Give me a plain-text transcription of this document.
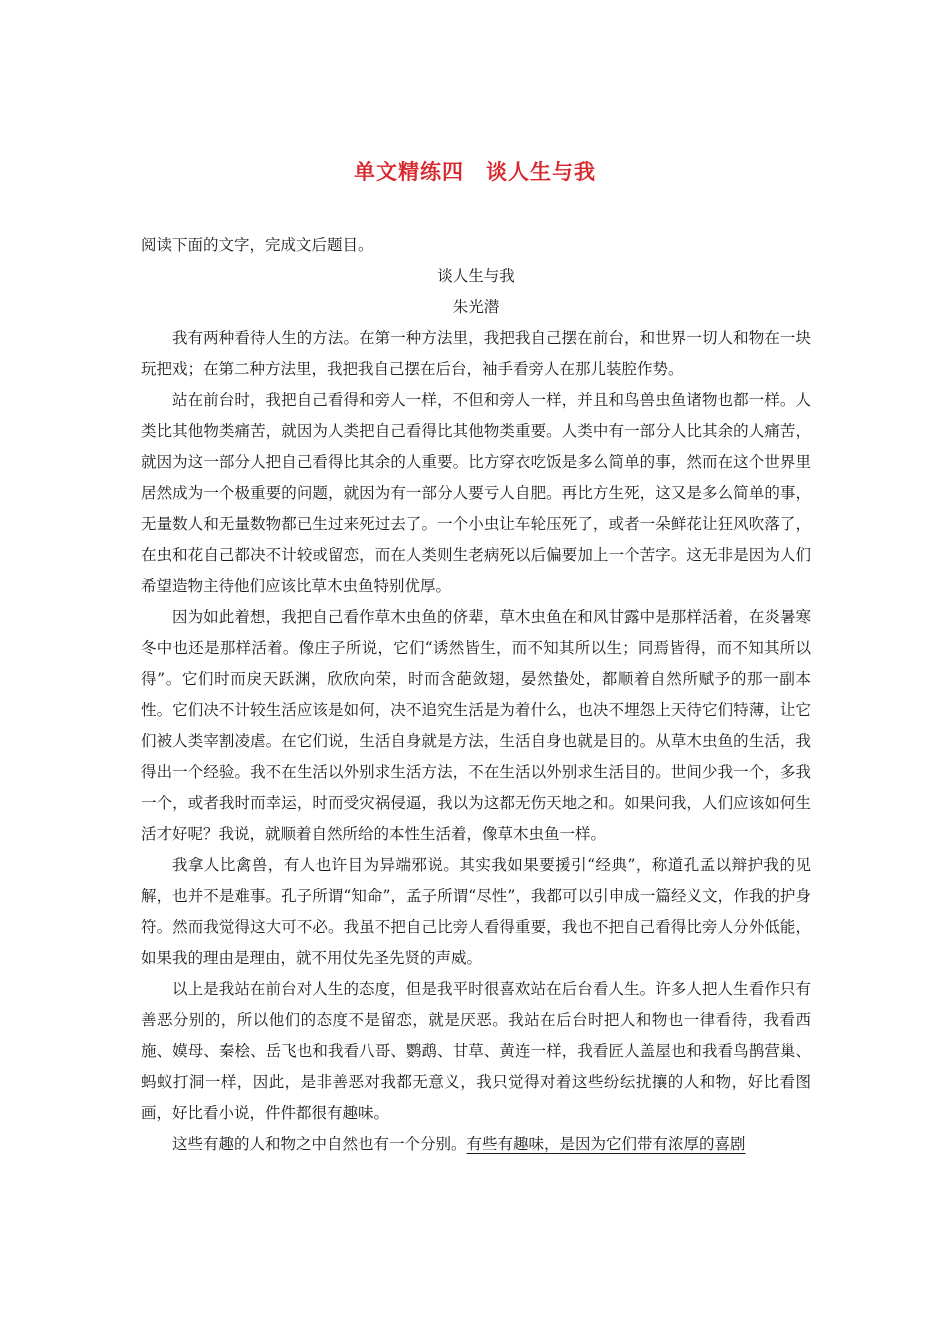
单文精练四　谈人生与我

阅读下面的文字，完成文后题目。

谈人生与我

朱光潜

我有两种看待人生的方法。在第一种方法里，我把我自己摆在前台，和世界一切人和物在一块玩把戏；在第二种方法里，我把我自己摆在后台，袖手看旁人在那儿装腔作势。

站在前台时，我把自己看得和旁人一样，不但和旁人一样，并且和鸟兽虫鱼诸物也都一样。人类比其他物类痛苦，就因为人类把自己看得比其他物类重要。人类中有一部分人比其余的人痛苦，就因为这一部分人把自己看得比其余的人重要。比方穿衣吃饭是多么简单的事，然而在这个世界里居然成为一个极重要的问题，就因为有一部分人要亏人自肥。再比方生死，这又是多么简单的事，无量数人和无量数物都已生过来死过去了。一个小虫让车轮压死了，或者一朵鲜花让狂风吹落了，在虫和花自己都决不计较或留恋，而在人类则生老病死以后偏要加上一个苦字。这无非是因为人们希望造物主待他们应该比草木虫鱼特别优厚。

因为如此着想，我把自己看作草木虫鱼的侪辈，草木虫鱼在和风甘露中是那样活着，在炎暑寒冬中也还是那样活着。像庄子所说，它们“诱然皆生，而不知其所以生；同焉皆得，而不知其所以得”。它们时而戾天跃渊，欣欣向荣，时而含葩敛翅，晏然蛰处，都顺着自然所赋予的那一副本性。它们决不计较生活应该是如何，决不追究生活是为着什么，也决不埋怨上天待它们特薄，让它们被人类宰割凌虐。在它们说，生活自身就是方法，生活自身也就是目的。从草木虫鱼的生活，我得出一个经验。我不在生活以外别求生活方法，不在生活以外别求生活目的。世间少我一个，多我一个，或者我时而幸运，时而受灾祸侵逼，我以为这都无伤天地之和。如果问我，人们应该如何生活才好呢？我说，就顺着自然所给的本性生活着，像草木虫鱼一样。

我拿人比禽兽，有人也许目为异端邪说。其实我如果要援引“经典”，称道孔孟以辩护我的见解，也并不是难事。孔子所谓“知命”，孟子所谓“尽性”，我都可以引申成一篇经义文，作我的护身符。然而我觉得这大可不必。我虽不把自己比旁人看得重要，我也不把自己看得比旁人分外低能，如果我的理由是理由，就不用仗先圣先贤的声威。

以上是我站在前台对人生的态度，但是我平时很喜欢站在后台看人生。许多人把人生看作只有善恶分别的，所以他们的态度不是留恋，就是厌恶。我站在后台时把人和物也一律看待，我看西施、嫫母、秦桧、岳飞也和我看八哥、鹦鹉、甘草、黄连一样，我看匠人盖屋也和我看鸟鹊营巢、蚂蚁打洞一样，因此，是非善恶对我都无意义，我只觉得对着这些纷纭扰攘的人和物，好比看图画，好比看小说，件件都很有趣味。

这些有趣的人和物之中自然也有一个分别。有些有趣味，是因为它们带有浓厚的喜剧
